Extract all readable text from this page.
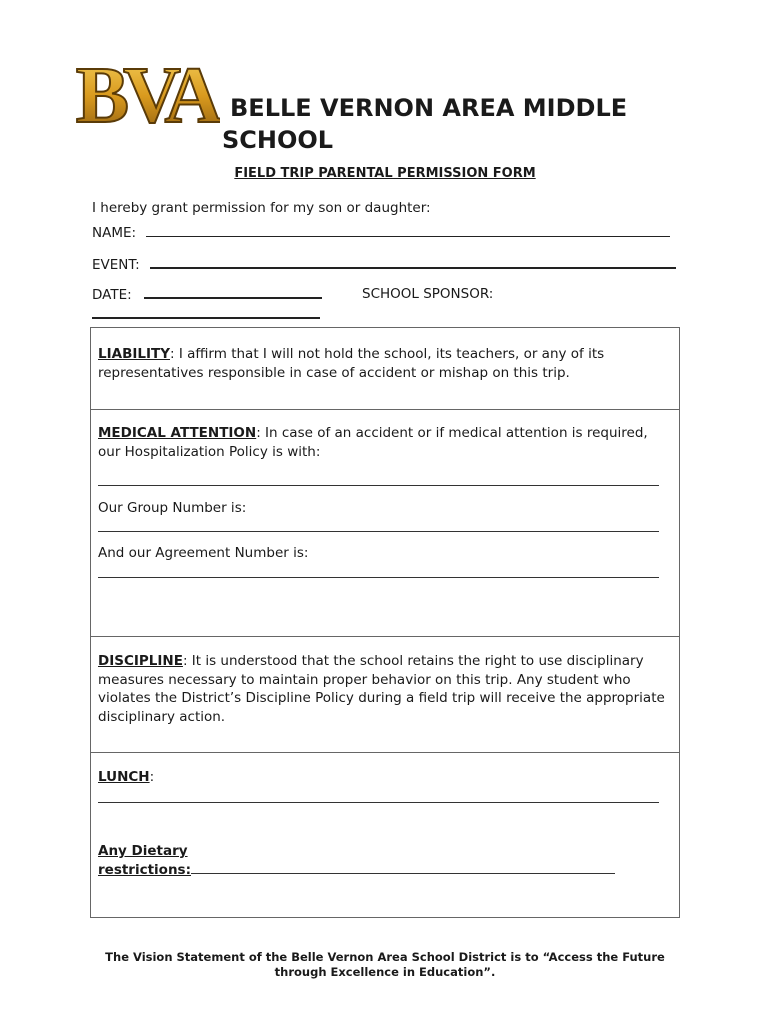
BVA BELLE VERNON AREA MIDDLE SCHOOL
FIELD TRIP PARENTAL PERMISSION FORM
I hereby grant permission for my son or daughter:
NAME:
EVENT:
DATE:	SCHOOL SPONSOR:
LIABILITY: I affirm that I will not hold the school, its teachers, or any of its representatives responsible in case of accident or mishap on this trip.
MEDICAL ATTENTION: In case of an accident or if medical attention is required, our Hospitalization Policy is with:
Our Group Number is:
And our Agreement Number is:
DISCIPLINE: It is understood that the school retains the right to use disciplinary measures necessary to maintain proper behavior on this trip. Any student who violates the District’s Discipline Policy during a field trip will receive the appropriate disciplinary action.
LUNCH:
Any Dietary
restrictions:
The Vision Statement of the Belle Vernon Area School District is to “Access the Future
through Excellence in Education”.
